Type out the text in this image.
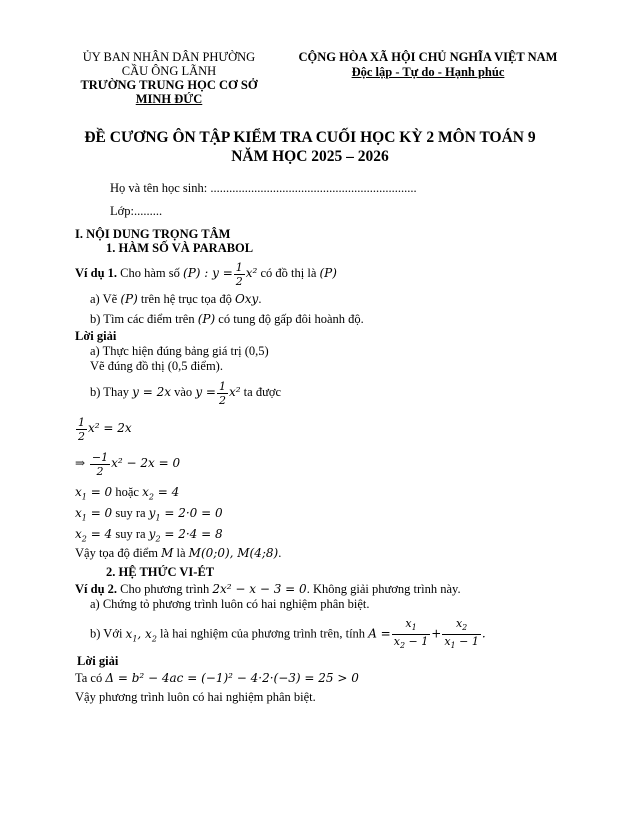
ỦY BAN NHÂN DÂN PHƯỜNG
CẦU ÔNG LÃNH
TRƯỜNG TRUNG HỌC CƠ SỞ
MINH ĐỨC
CỘNG HÒA XÃ HỘI CHỦ NGHĨA VIỆT NAM
Độc lập - Tự do - Hạnh phúc
ĐỀ CƯƠNG ÔN TẬP KIỂM TRA CUỐI HỌC KỲ 2 MÔN TOÁN 9
NĂM HỌC 2025 – 2026
Họ và tên học sinh: ..................................................................
Lớp:.........
I. NỘI DUNG TRỌNG TÂM
1. HÀM SỐ VÀ PARABOL
Ví dụ 1. Cho hàm số (P) : $y = \frac{1}{2} x^2$ có đồ thị là (P)
a) Vẽ (P) trên hệ trục tọa độ Oxy.
b) Tìm các điểm trên (P) có tung độ gấp đôi hoành độ.
Lời giải
a) Thực hiện đúng bảng giá trị (0,5)
Vẽ đúng đồ thị (0,5 điểm).
b) Thay y = 2x vào $y = \frac{1}{2} x^2$ ta được
$\frac{1}{2} x^2 = 2x$
⇒ $\frac{-1}{2} x^2 - 2x = 0$
$x_1 = 0$ hoặc $x_2 = 4$
$x_1 = 0$ suy ra $y_1 = 2\cdot 0 = 0$
$x_2 = 4$ suy ra $y_2 = 2\cdot 4 = 8$
Vậy tọa độ điểm M là M(0;0), M(4;8).
2. HỆ THỨC VI-ÉT
Ví dụ 2. Cho phương trình 2x² − x − 3 = 0. Không giải phương trình này.
a) Chứng tỏ phương trình luôn có hai nghiệm phân biệt.
b) Với $x_1$, $x_2$ là hai nghiệm của phương trình trên, tính $A = \frac{x_1}{x_2 - 1} + \frac{x_2}{x_1 - 1}$ .
Lời giải
Ta có Δ = b² − 4ac = (−1)² − 4·2·(−3) = 25 > 0
Vậy phương trình luôn có hai nghiệm phân biệt.
